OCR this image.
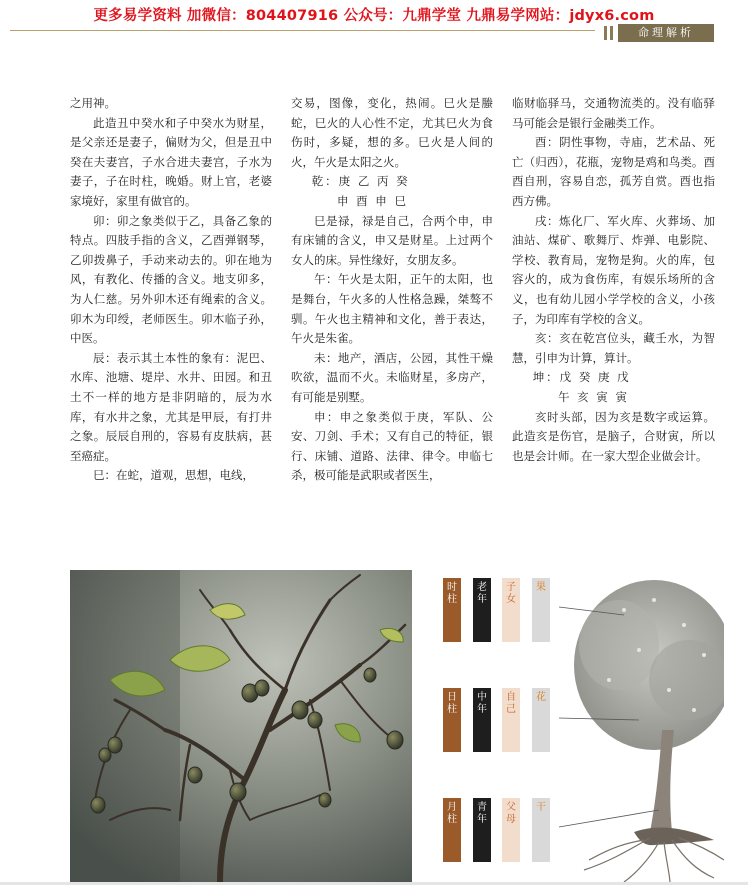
更多易学资料 加微信：804407916 公众号：九鼎学堂 九鼎易学网站：jdyx6.com
命理解析

之用神。

此造丑中癸水和子中癸水为财星，是父亲还是妻子，偏财为父，但是丑中癸在夫妻宫，子水合进夫妻宫，子水为妻子，子在时柱，晚婚。财上官，老婆家境好，家里有做官的。

卯：卯之象类似于乙，具备乙象的特点。四肢手指的含义，乙酉弹钢琴，乙卯拨鼻子，手动来动去的。卯在地为风，有教化、传播的含义。地支卯多，为人仁慈。另外卯木还有绳索的含义。卯木为印绶，老师医生。卯木临子孙，中医。

辰：表示其土本性的象有：泥巴、水库、池塘、堤岸、水井、田园。和丑土不一样的地方是非阴暗的，辰为水库，有水井之象，尤其是甲辰，有打井之象。辰辰自刑的，容易有皮肤病，甚至癌症。

巳：在蛇，道观，思想，电线，

交易，图像，变化，热闹。巳火是螣蛇，巳火的人心性不定，尤其巳火为食伤时，多疑，想的多。巳火是人间的火，午火是太阳之火。

乾：庚 乙 丙 癸

申 酉 申 巳

巳是禄，禄是自己，合两个申，申有床铺的含义，申又是财星。上过两个女人的床。异性缘好，女朋友多。

午：午火是太阳，正午的太阳，也是舞台，午火多的人性格急躁，桀骜不驯。午火也主精神和文化，善于表达，午火是朱雀。

未：地产，酒店，公园，其性干燥吹欲，温而不火。未临财星，多房产，有可能是别墅。

申：申之象类似于庚，军队、公安、刀剑、手术；又有自己的特征，银行、床铺、道路、法律、律令。申临七杀，极可能是武职或者医生，

临财临驿马，交通物流类的。没有临驿马可能会是银行金融类工作。

酉：阴性事物，寺庙，艺术品、死亡（归西），花瓶，宠物是鸡和鸟类。酉酉自刑，容易自恋，孤芳自赏。酉也指西方佛。

戌：炼化厂、军火库、火葬场、加油站、煤矿、歌舞厅、炸弹、电影院、学校、教育局，宠物是狗。火的库，包容火的，成为食伤库，有娱乐场所的含义，也有幼儿园小学学校的含义，小孩子，为印库有学校的含义。

亥：亥在乾宫位头，藏壬水，为智慧，引申为计算，算计。

坤：戊 癸 庚 戊

午 亥 寅 寅

亥时头部，因为亥是数字或运算。此造亥是伤官，是脑子，合财寅，所以也是会计师。在一家大型企业做会计。

时
柱
老
年
子
女
果
日
柱
中
年
自
己
花
月
柱
青
年
父
母
干
